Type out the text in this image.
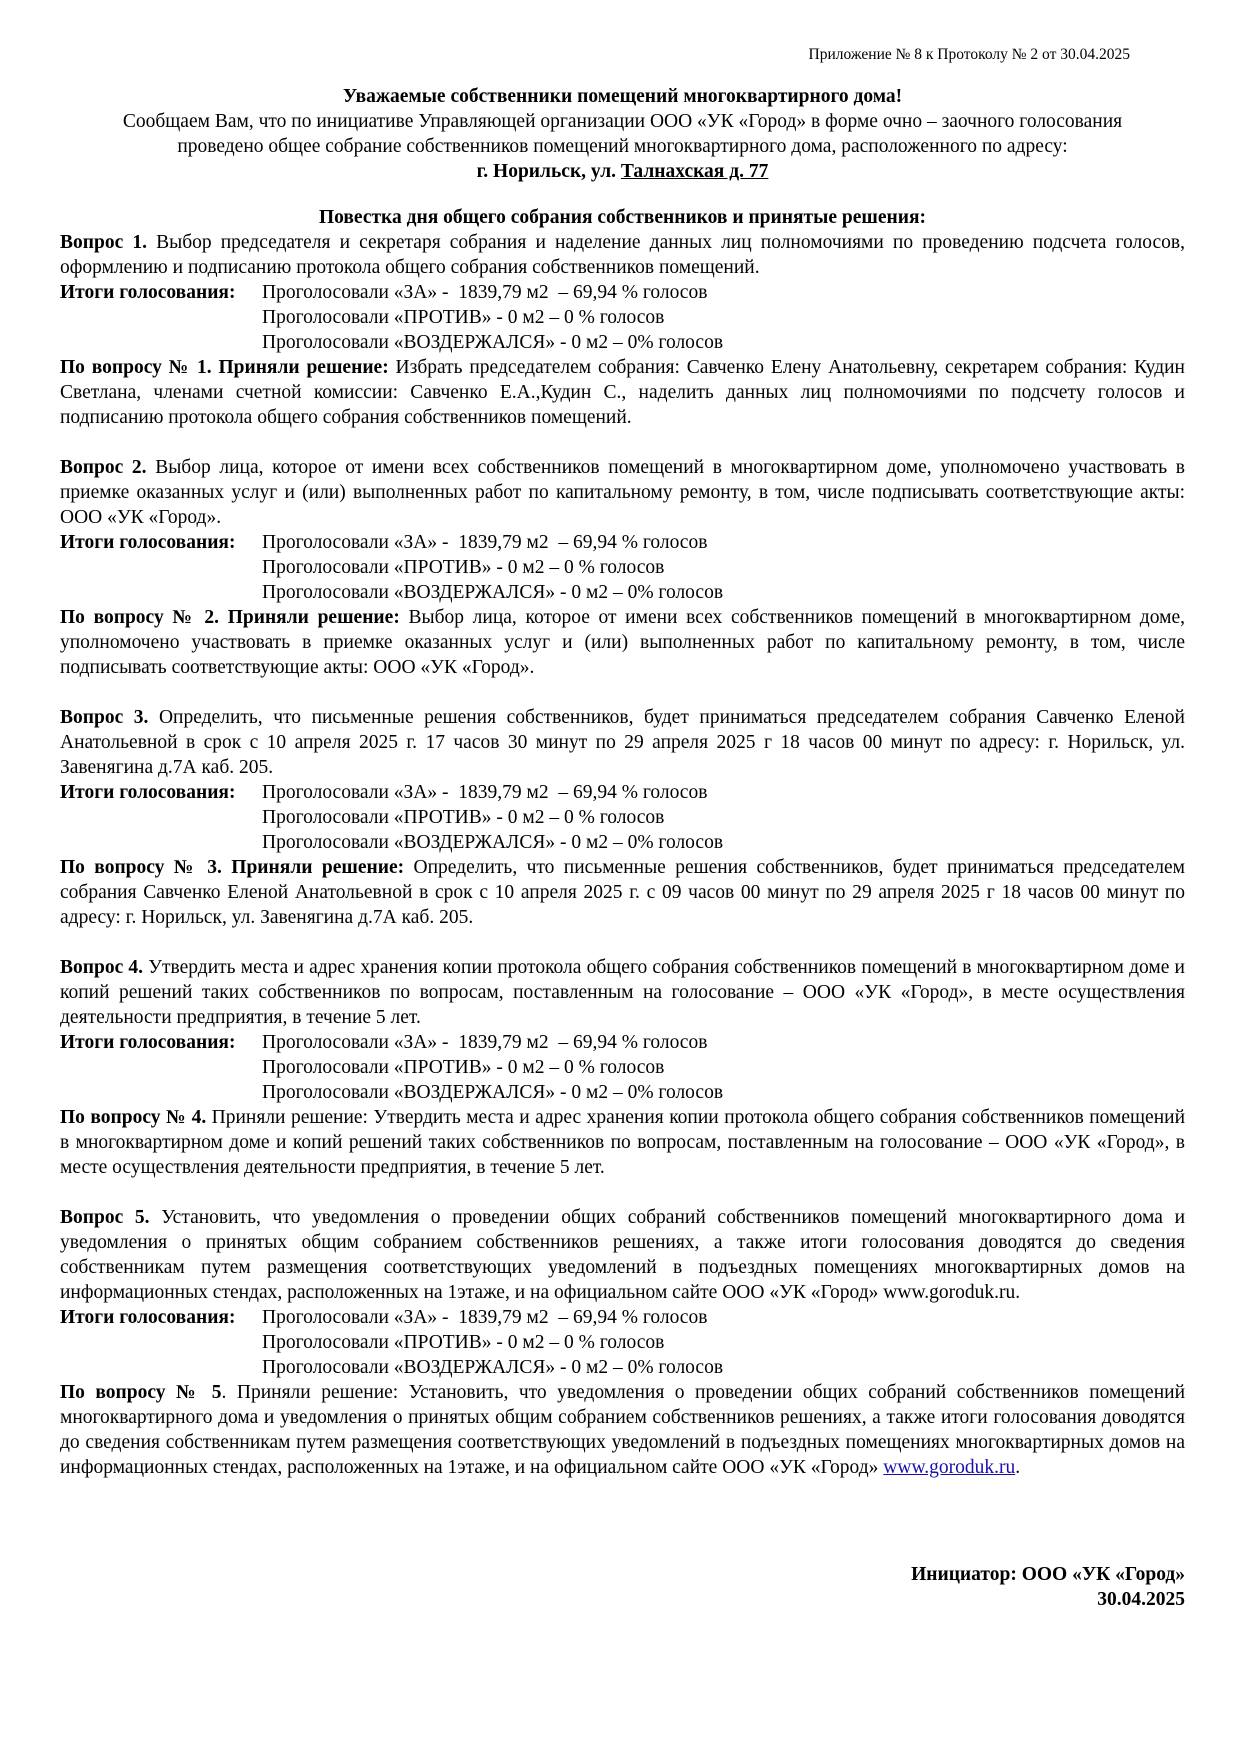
Приложение № 8 к Протоколу № 2 от 30.04.2025
Уважаемые собственники помещений многоквартирного дома!
Сообщаем Вам, что по инициативе Управляющей организации ООО «УК «Город» в форме очно – заочного голосования
проведено общее собрание собственников помещений многоквартирного дома, расположенного по адресу:
г. Норильск, ул. Талнахская д. 77
Повестка дня общего собрания собственников и принятые решения:
Вопрос 1. Выбор председателя и секретаря собрания и наделение данных лиц полномочиями по проведению подсчета голосов, оформлению и подписанию протокола общего собрания собственников помещений.
Итоги голосования:	Проголосовали «ЗА» -  1839,79 м2  – 69,94 % голосов
Проголосовали «ПРОТИВ» - 0 м2 – 0 % голосов
Проголосовали «ВОЗДЕРЖАЛСЯ» - 0 м2 – 0% голосов
По вопросу № 1. Приняли решение: Избрать председателем собрания: Савченко Елену Анатольевну, секретарем собрания: Кудин Светлана, членами счетной комиссии: Савченко Е.А.,Кудин С., наделить данных лиц полномочиями по подсчету голосов и подписанию протокола общего собрания собственников помещений.
Вопрос 2. Выбор лица, которое от имени всех собственников помещений в многоквартирном доме, уполномочено участвовать в приемке оказанных услуг и (или) выполненных работ по капитальному ремонту, в том, числе подписывать соответствующие акты: ООО «УК «Город».
Итоги голосования:	Проголосовали «ЗА» -  1839,79 м2  – 69,94 % голосов
Проголосовали «ПРОТИВ» - 0 м2 – 0 % голосов
Проголосовали «ВОЗДЕРЖАЛСЯ» - 0 м2 – 0% голосов
По вопросу № 2. Приняли решение: Выбор лица, которое от имени всех собственников помещений в многоквартирном доме, уполномочено участвовать в приемке оказанных услуг и (или) выполненных работ по капитальному ремонту, в том, числе подписывать соответствующие акты: ООО «УК «Город».
Вопрос 3. Определить, что письменные решения собственников, будет приниматься председателем собрания Савченко Еленой Анатольевной в срок с 10 апреля 2025 г. 17 часов 30 минут по 29 апреля 2025 г 18 часов 00 минут по адресу: г. Норильск, ул. Завенягина д.7А каб. 205.
Итоги голосования:	Проголосовали «ЗА» -  1839,79 м2  – 69,94 % голосов
Проголосовали «ПРОТИВ» - 0 м2 – 0 % голосов
Проголосовали «ВОЗДЕРЖАЛСЯ» - 0 м2 – 0% голосов
По вопросу № 3. Приняли решение: Определить, что письменные решения собственников, будет приниматься председателем собрания Савченко Еленой Анатольевной в срок с 10 апреля 2025 г. с 09 часов 00 минут по 29 апреля 2025 г 18 часов 00 минут по адресу: г. Норильск, ул. Завенягина д.7А каб. 205.
Вопрос 4. Утвердить места и адрес хранения копии протокола общего собрания собственников помещений в многоквартирном доме и копий решений таких собственников по вопросам, поставленным на голосование – ООО «УК «Город», в месте осуществления деятельности предприятия, в течение 5 лет.
Итоги голосования:	Проголосовали «ЗА» -  1839,79 м2  – 69,94 % голосов
Проголосовали «ПРОТИВ» - 0 м2 – 0 % голосов
Проголосовали «ВОЗДЕРЖАЛСЯ» - 0 м2 – 0% голосов
По вопросу № 4. Приняли решение: Утвердить места и адрес хранения копии протокола общего собрания собственников помещений в многоквартирном доме и копий решений таких собственников по вопросам, поставленным на голосование – ООО «УК «Город», в месте осуществления деятельности предприятия, в течение 5 лет.
Вопрос 5. Установить, что уведомления о проведении общих собраний собственников помещений многоквартирного дома и уведомления о принятых общим собранием собственников решениях, а также итоги голосования доводятся до сведения собственникам путем размещения соответствующих уведомлений в подъездных помещениях многоквартирных домов на информационных стендах, расположенных на 1этаже, и на официальном сайте ООО «УК «Город» www.goroduk.ru.
Итоги голосования:	Проголосовали «ЗА» -  1839,79 м2  – 69,94 % голосов
Проголосовали «ПРОТИВ» - 0 м2 – 0 % голосов
Проголосовали «ВОЗДЕРЖАЛСЯ» - 0 м2 – 0% голосов
По вопросу № 5. Приняли решение: Установить, что уведомления о проведении общих собраний собственников помещений многоквартирного дома и уведомления о принятых общим собранием собственников решениях, а также итоги голосования доводятся до сведения собственникам путем размещения соответствующих уведомлений в подъездных помещениях многоквартирных домов на информационных стендах, расположенных на 1этаже, и на официальном сайте ООО «УК «Город» www.goroduk.ru.
Инициатор: ООО «УК «Город»
30.04.2025
